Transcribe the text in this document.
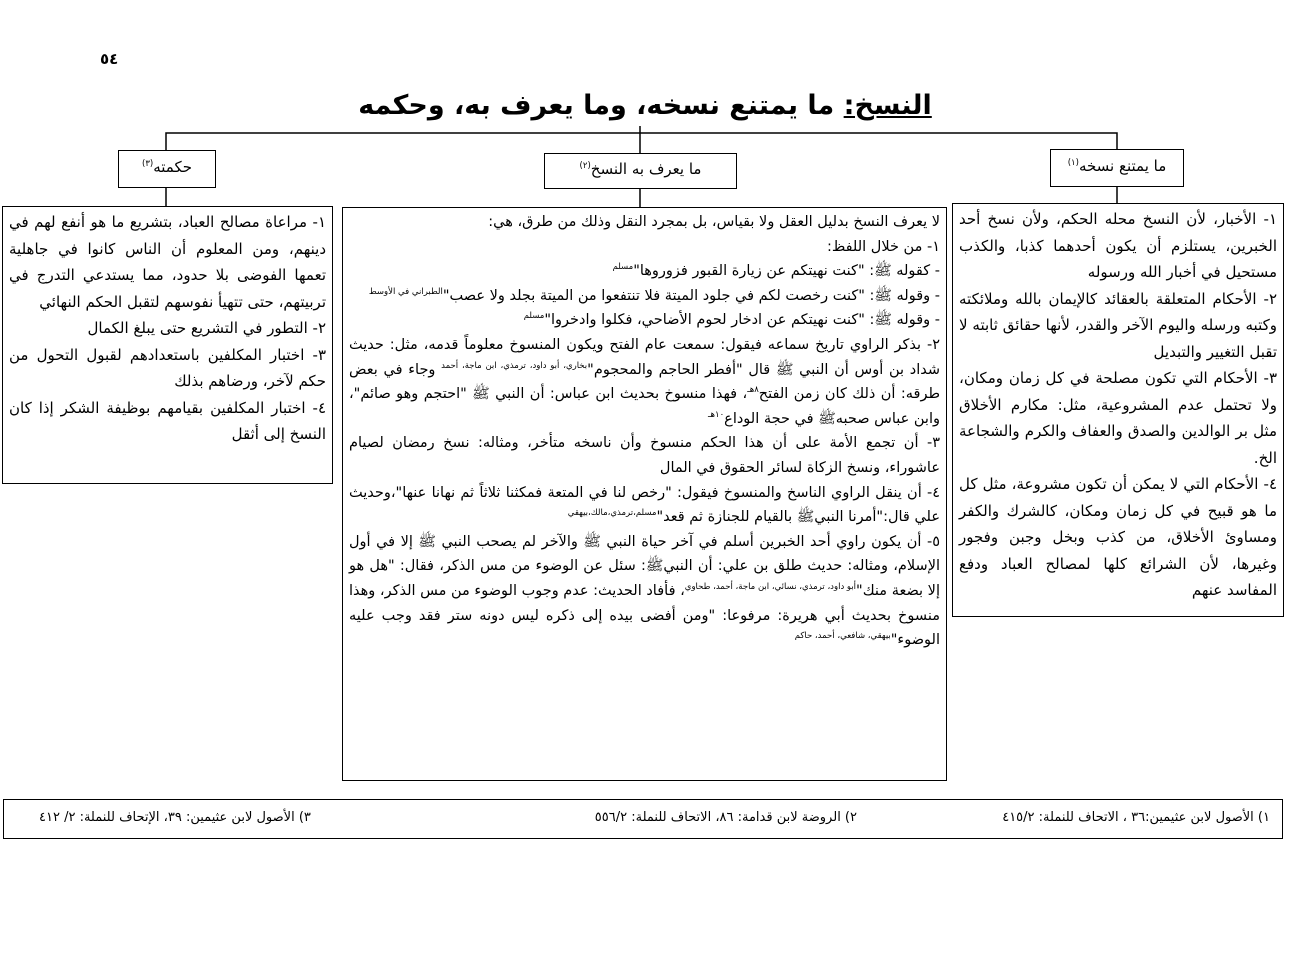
٥٤
النسخ: ما يمتنع نسخه، وما يعرف به، وحكمه
ما يمتنع نسخه$^{(١)}$
ما يعرف به النسخ$^{(٢)}$
حكمته$^{(٣)}$

١- الأخبار، لأن النسخ محله الحكم، ولأن نسخ أحد الخبرين، يستلزم أن يكون أحدهما كذبا، والكذب مستحيل في أخبار الله ورسوله

٢- الأحكام المتعلقة بالعقائد كالإيمان بالله وملائكته وكتبه ورسله واليوم الآخر والقدر، لأنها حقائق ثابته لا تقبل التغيير والتبديل

٣- الأحكام التي تكون مصلحة في كل زمان ومكان، ولا تحتمل عدم المشروعية، مثل: مكارم الأخلاق مثل بر الوالدين والصدق والعفاف والكرم والشجاعة الخ.

٤- الأحكام التي لا يمكن أن تكون مشروعة، مثل كل ما هو قبيح في كل زمان ومكان، كالشرك والكفر ومساوئ الأخلاق، من كذب وبخل وجبن وفجور وغيرها، لأن الشرائع كلها لمصالح العباد ودفع المفاسد عنهم

لا يعرف النسخ بدليل العقل ولا بقياس، بل بمجرد النقل وذلك من طرق، هي:

١- من خلال اللفظ:

- كقوله ﷺ: "كنت نهيتكم عن زيارة القبور فزوروها"$^{مسلم}$

- وقوله ﷺ: "كنت رخصت لكم في جلود الميتة فلا تنتفعوا من الميتة بجلد ولا عصب"$^{الطبراني في الأوسط}$

- وقوله ﷺ: "كنت نهيتكم عن ادخار لحوم الأضاحي، فكلوا وادخروا"$^{مسلم}$

٢- بذكر الراوي تاريخ سماعه فيقول: سمعت عام الفتح ويكون المنسوخ معلوماً قدمه، مثل: حديث شداد بن أوس أن النبي ﷺ قال "أفطر الحاجم والمحجوم"$^{بخاري، أبو داود، ترمذي، ابن ماجة، أحمد}$ وجاء في بعض طرقه: أن ذلك كان زمن الفتح$^{٨هـ}$، فهذا منسوخ بحديث ابن عباس: أن النبي ﷺ "احتجم وهو صائم"، وابن عباس صحبهﷺ في حجة الوداع$^{١٠هـ}$

٣- أن تجمع الأمة على أن هذا الحكم منسوخ وأن ناسخه متأخر، ومثاله: نسخ رمضان لصيام عاشوراء، ونسخ الزكاة لسائر الحقوق في المال

٤- أن ينقل الراوي الناسخ والمنسوخ فيقول: "رخص لنا في المتعة فمكثنا ثلاثاً ثم نهانا عنها"،وحديث علي قال:"أمرنا النبيﷺ بالقيام للجنازة ثم قعد"$^{مسلم،ترمذي،مالك،بيهقي}$

٥- أن يكون راوي أحد الخبرين أسلم في آخر حياة النبي ﷺ والآخر لم يصحب النبي ﷺ إلا في أول الإسلام، ومثاله: حديث طلق بن علي: أن النبيﷺ: سئل عن الوضوء من مس الذكر، فقال: "هل هو إلا بضعة منك"$^{أبو داود، ترمذي، نسائي، ابن ماجة، أحمد، طحاوي}$، فأفاد الحديث: عدم وجوب الوضوء من مس الذكر، وهذا منسوخ بحديث أبي هريرة: مرفوعا: "ومن أفضى بيده إلى ذكره ليس دونه ستر فقد وجب عليه الوضوء"$^{بيهقي، شافعي، أحمد، حاكم}$

١- مراعاة مصالح العباد، بتشريع ما هو أنفع لهم في دينهم، ومن المعلوم أن الناس كانوا في جاهلية تعمها الفوضى بلا حدود، مما يستدعي التدرج في تربيتهم، حتى تتهيأ نفوسهم لتقبل الحكم النهائي

٢- التطور في التشريع حتى يبلغ الكمال

٣- اختبار المكلفين باستعدادهم لقبول التحول من حكم لآخر، ورضاهم بذلك

٤- اختبار المكلفين بقيامهم بوظيفة الشكر إذا كان النسخ إلى أثقل

١) الأصول لابن عثيمين:٣٦ ، الاتحاف للنملة: ٤١٥/٢
٢) الروضة لابن قدامة: ٨٦، الاتحاف للنملة: ٥٥٦/٢
٣) الأصول لابن عثيمين: ٣٩، الإتحاف للنملة: ٢/ ٤١٢
